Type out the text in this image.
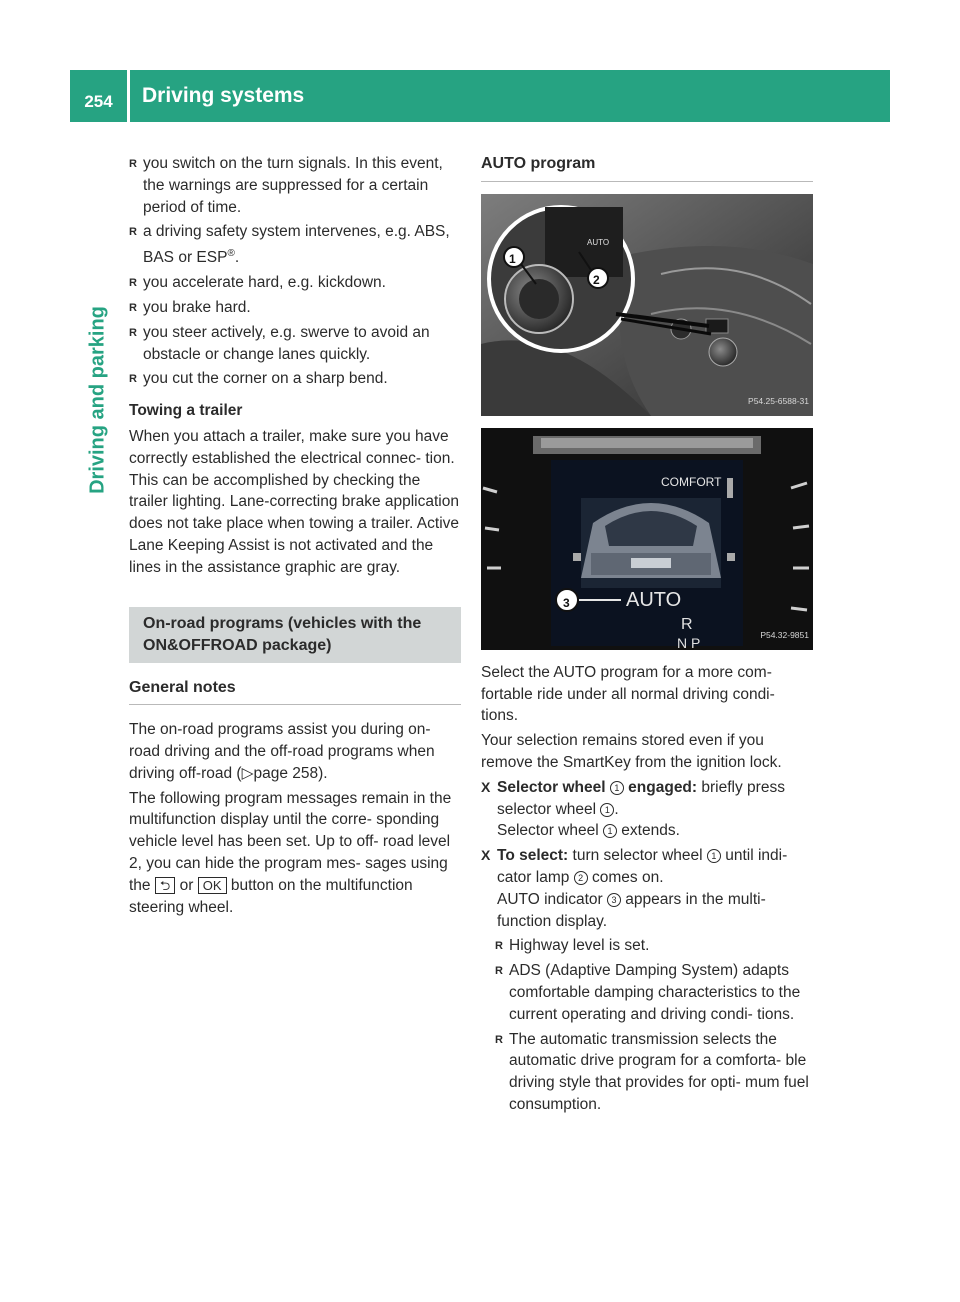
254	Driving systems
Driving and parking
R you switch on the turn signals. In this event, the warnings are suppressed for a certain period of time.
R a driving safety system intervenes, e.g. ABS, BAS or ESP®.
R you accelerate hard, e.g. kickdown.
R you brake hard.
R you steer actively, e.g. swerve to avoid an obstacle or change lanes quickly.
R you cut the corner on a sharp bend.
Towing a trailer

When you attach a trailer, make sure you have correctly established the electrical connec- tion. This can be accomplished by checking the trailer lighting. Lane-correcting brake application does not take place when towing a trailer. Active Lane Keeping Assist is not activated and the lines in the assistance graphic are gray.

On-road programs (vehicles with the ON&OFFROAD package)
General notes

The on-road programs assist you during on- road driving and the off-road programs when driving off-road (▷page 258).

The following program messages remain in the multifunction display until the corre- sponding vehicle level has been set. Up to off- road level 2, you can hide the program mes- sages using the ⮌ or OK button on the multifunction steering wheel.

AUTO program
1
2
AUTO
P54.25-6588-31
COMFORT
AUTO
3
R
N P	P54.32-9851

Select the AUTO program for a more com- fortable ride under all normal driving condi- tions.

Your selection remains stored even if you remove the SmartKey from the ignition lock.

X Selector wheel 1 engaged: briefly press selector wheel 1 .
Selector wheel 1 extends.
X To select: turn selector wheel 1 until indi- cator lamp 2 comes on.
AUTO indicator 3 appears in the multi- function display.
R Highway level is set.
R ADS (Adaptive Damping System) adapts comfortable damping characteristics to the current operating and driving condi- tions.
R The automatic transmission selects the automatic drive program for a comforta- ble driving style that provides for opti- mum fuel consumption.
